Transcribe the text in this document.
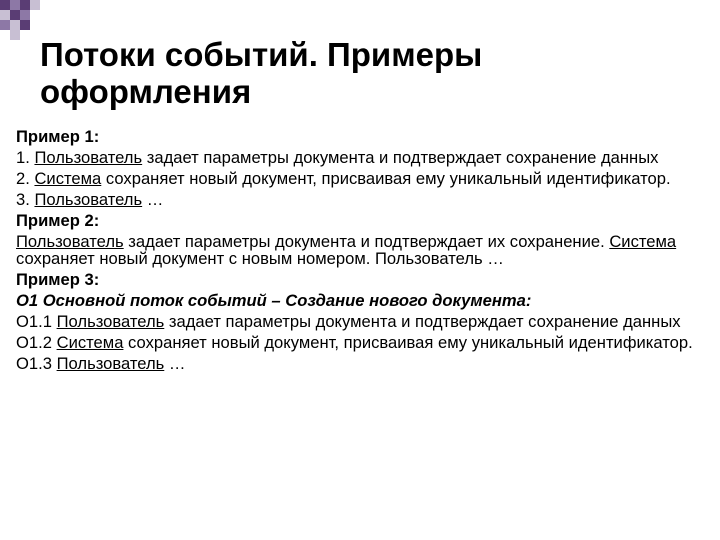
Потоки событий. Примеры
оформления

Пример 1:

1. Пользователь задает параметры документа и подтверждает сохранение данных

2. Система сохраняет новый документ, присваивая ему уникальный идентификатор.

3. Пользователь …

Пример 2:

Пользователь задает параметры документа и подтверждает их сохранение. Система сохраняет новый документ с новым номером. Пользователь …

Пример 3:

O1 Основной поток событий – Создание нового документа:

O1.1 Пользователь задает параметры документа и подтверждает сохранение данных

O1.2 Система сохраняет новый документ, присваивая ему уникальный идентификатор.

O1.3 Пользователь …
